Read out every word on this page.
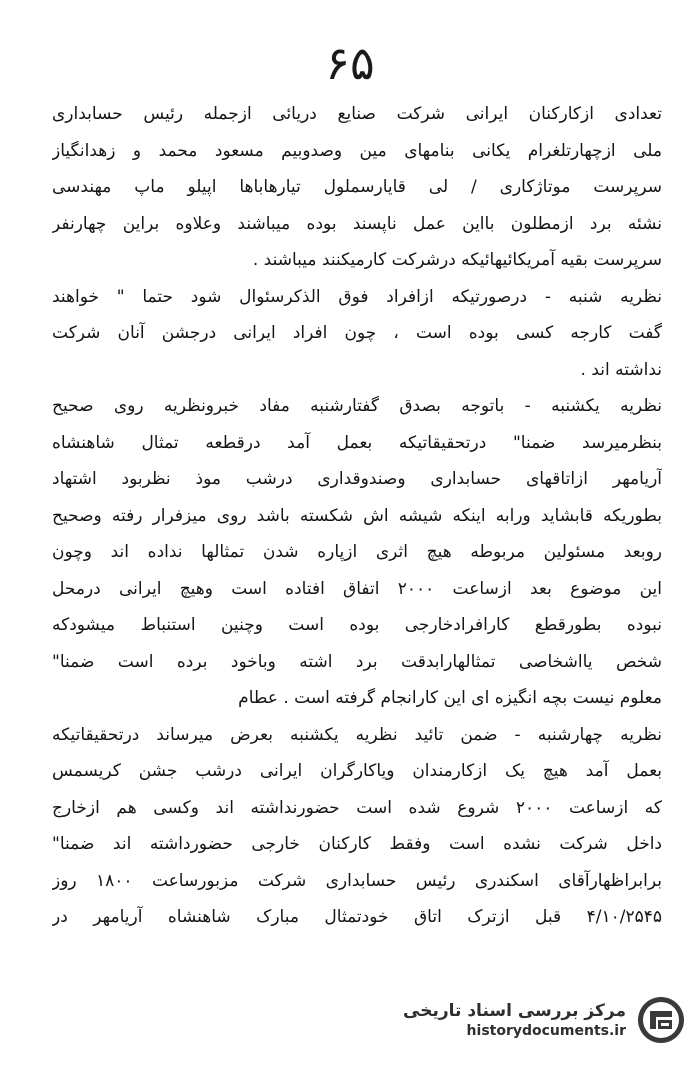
۶۵
تعدادی ازکارکنان ایرانی شرکت صنایع دریائی ازجمله رئیس حسابداری
ملی ازچهارتلغرام یکانی بنامهای مین وصدوبیم مسعود محمد و زهدانگیاز
سرپرست موتاژکاری / لی قایارسملول تیارهاباها اپیلو ماپ مهندسی
نشئه برد ازمطلون بااین عمل ناپسند بوده میباشند وعلاوه براین چهارنفر
سرپرست بقیه آمریکائیهائیکه درشرکت کارمیکنند میباشند .
نظریه شنبه - درصورتیکه ازافراد فوق الذکرسئوال شود حتما " خواهند
گفت کارجه کسی بوده است ، چون افراد ایرانی درجشن آنان شرکت
نداشته اند .
نظریه یکشنبه - باتوجه بصدق گفتارشنبه مفاد خبرونظریه روی صحیح
بنظرمیرسد ضمنا" درتحقیقاتیکه بعمل آمد درقطعه تمثال شاهنشاه
آریامهر ازاتاقهای حسابداری وصندوقداری درشب موذ نظربود اشتهاد
بطوریکه قابشاید ورابه اینکه شیشه اش شکسته باشد روی میزفرار رفته وصحیح
روبعد مسئولین مربوطه هیچ اثری ازپاره شدن تمثالها نداده اند وچون
این موضوع بعد ازساعت ۲۰۰۰ اتفاق افتاده است وهیچ ایرانی درمحل
نبوده بطورقطع کارافرادخارجی بوده است وچنین استنباط میشودکه
شخص یااشخاصی تمثالهارابدقت برد اشته وباخود برده است ضمنا"
معلوم نیست بچه انگیزه ای این کارانجام گرفته است . عطام
نظریه چهارشنبه - ضمن تائید نظریه یکشنبه بعرض میرساند درتحقیقاتیکه
بعمل آمد هیچ یک ازکارمندان ویاکارگران ایرانی درشب جشن کریسمس
که ازساعت ۲۰۰۰ شروع شده است حضورنداشته اند وکسی هم ازخارج
داخل شرکت نشده است وفقط کارکنان خارجی حضورداشته اند ضمنا"
برابراظهارآقای اسکندری رئیس حسابداری شرکت مزبورساعت ۱۸۰۰ روز
۴/۱۰/۲۵۴۵ قبل ازترک اتاق خودتمثال مبارک شاهنشاه آریامهر در
مرکز بررسی اسناد تاریخی
historydocuments.ir
